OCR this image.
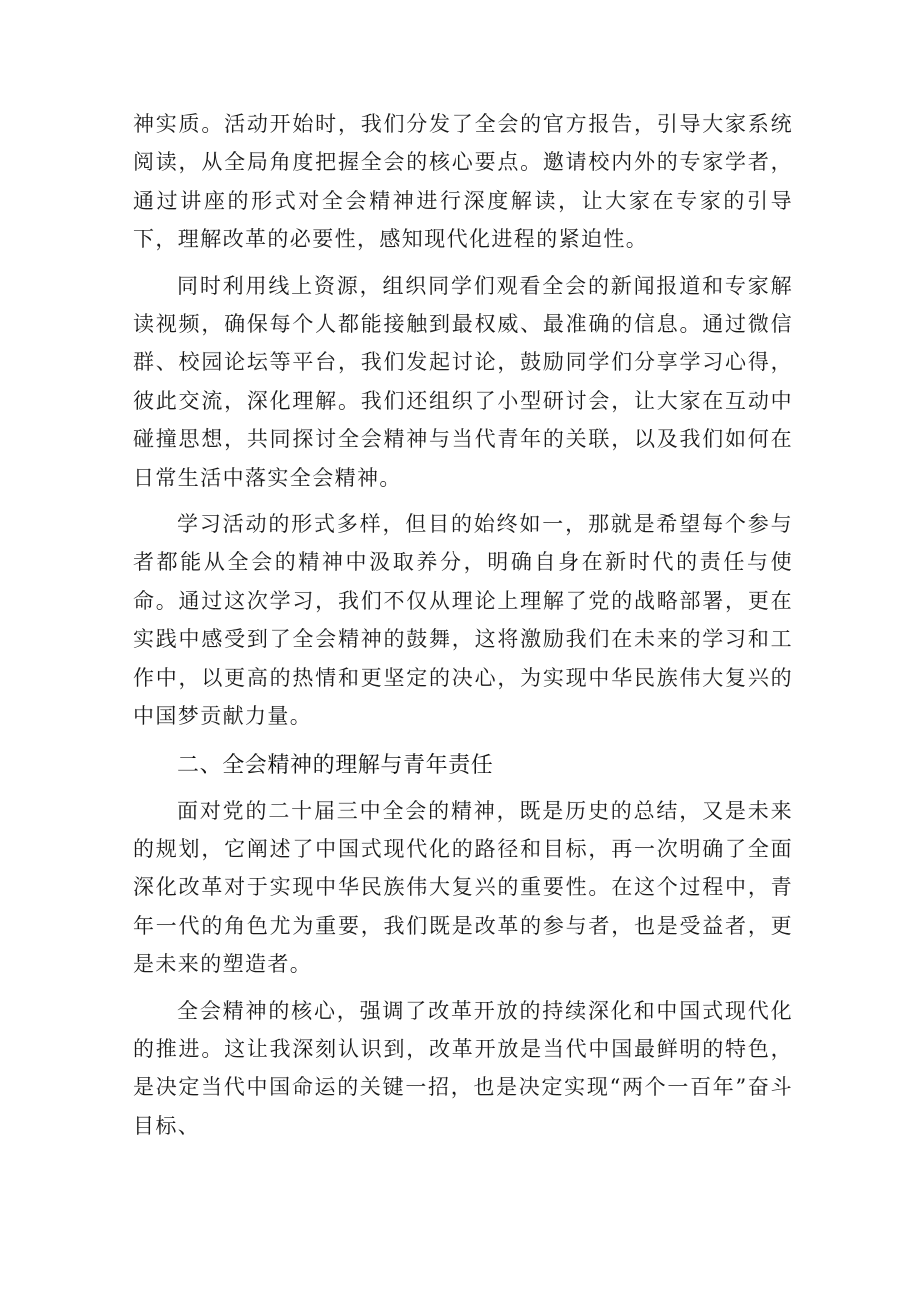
神实质。活动开始时，我们分发了全会的官方报告，引导大家系统阅读，从全局角度把握全会的核心要点。邀请校内外的专家学者，通过讲座的形式对全会精神进行深度解读，让大家在专家的引导下，理解改革的必要性，感知现代化进程的紧迫性。

同时利用线上资源，组织同学们观看全会的新闻报道和专家解读视频，确保每个人都能接触到最权威、最准确的信息。通过微信群、校园论坛等平台，我们发起讨论，鼓励同学们分享学习心得，彼此交流，深化理解。我们还组织了小型研讨会，让大家在互动中碰撞思想，共同探讨全会精神与当代青年的关联，以及我们如何在日常生活中落实全会精神。

学习活动的形式多样，但目的始终如一，那就是希望每个参与者都能从全会的精神中汲取养分，明确自身在新时代的责任与使命。通过这次学习，我们不仅从理论上理解了党的战略部署，更在实践中感受到了全会精神的鼓舞，这将激励我们在未来的学习和工作中，以更高的热情和更坚定的决心，为实现中华民族伟大复兴的中国梦贡献力量。

二、全会精神的理解与青年责任

面对党的二十届三中全会的精神，既是历史的总结，又是未来的规划，它阐述了中国式现代化的路径和目标，再一次明确了全面深化改革对于实现中华民族伟大复兴的重要性。在这个过程中，青年一代的角色尤为重要，我们既是改革的参与者，也是受益者，更是未来的塑造者。

全会精神的核心，强调了改革开放的持续深化和中国式现代化的推进。这让我深刻认识到，改革开放是当代中国最鲜明的特色，是决定当代中国命运的关键一招，也是决定实现“两个一百年”奋斗目标、
